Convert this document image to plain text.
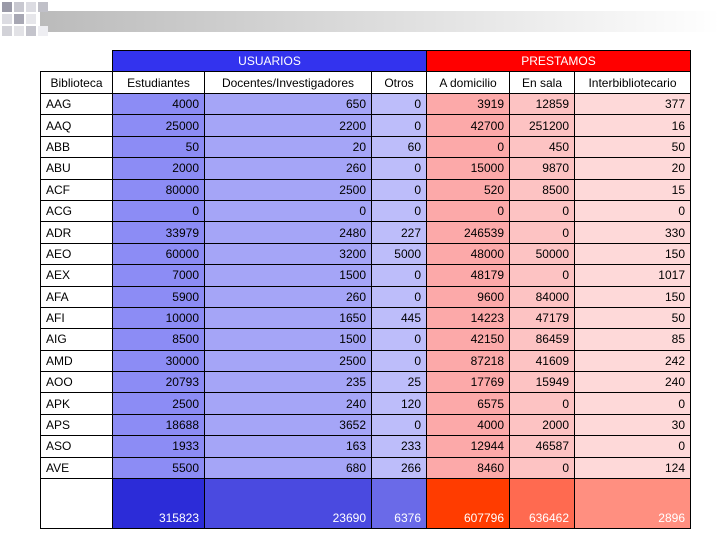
	USUARIOS			PRESTAMOS		
Biblioteca	Estudiantes	Docentes/Investigadores	Otros	A domicilio	En sala	Interbibliotecario
AAG	4000	650	0	3919	12859	377
AAQ	25000	2200	0	42700	251200	16
ABB	50	20	60	0	450	50
ABU	2000	260	0	15000	9870	20
ACF	80000	2500	0	520	8500	15
ACG	0	0	0	0	0	0
ADR	33979	2480	227	246539	0	330
AEO	60000	3200	5000	48000	50000	150
AEX	7000	1500	0	48179	0	1017
AFA	5900	260	0	9600	84000	150
AFI	10000	1650	445	14223	47179	50
AIG	8500	1500	0	42150	86459	85
AMD	30000	2500	0	87218	41609	242
AOO	20793	235	25	17769	15949	240
APK	2500	240	120	6575	0	0
APS	18688	3652	0	4000	2000	30
ASO	1933	163	233	12944	46587	0
AVE	5500	680	266	8460	0	124
	315823	23690	6376	607796	636462	2896
